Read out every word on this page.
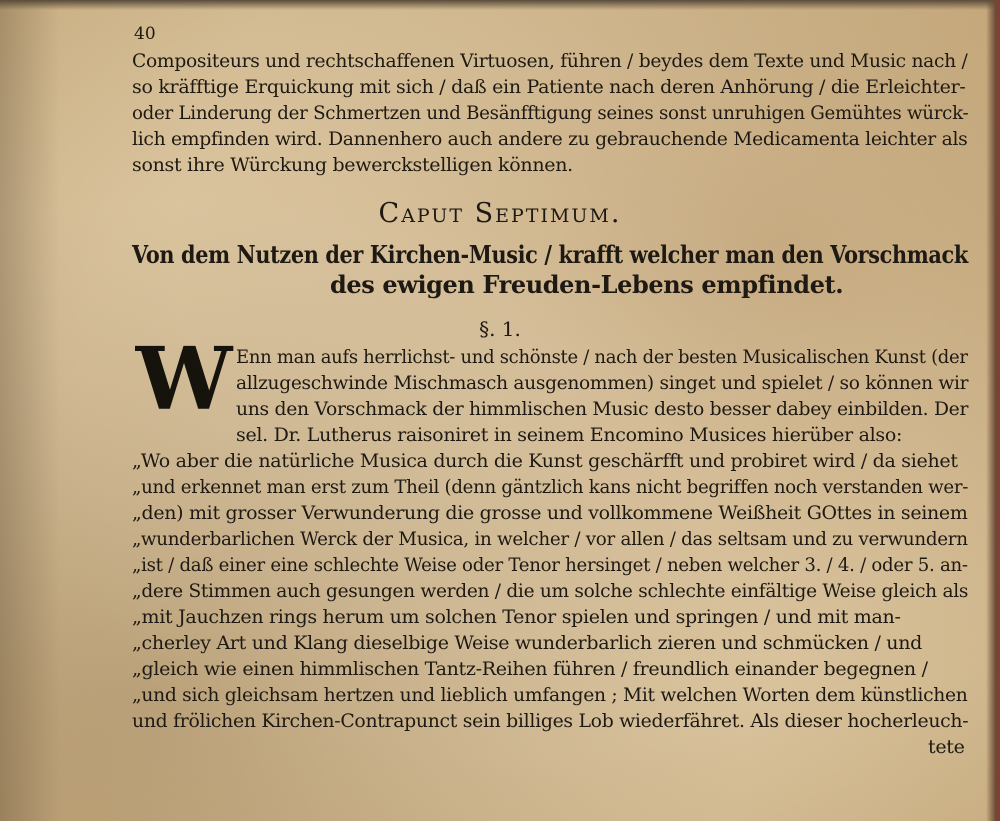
40
Compositeurs und rechtschaffenen Virtuosen, führen / beydes dem Texte und Music nach /
so kräfftige Erquickung mit sich / daß ein Patiente nach deren Anhörung / die Erleichter-
oder Linderung der Schmertzen und Besänfftigung seines sonst unruhigen Gemühtes würck-
lich empfinden wird. Dannenhero auch andere zu gebrauchende Medicamenta leichter als
sonst ihre Würckung bewerckstelligen können.
Caput Septimum.
Von dem Nutzen der Kirchen-Music / krafft welcher man den Vorschmack
des ewigen Freuden-Lebens empfindet.
§. 1.
W Enn man aufs herrlichst- und schönste / nach der besten Musicalischen Kunst (der
allzugeschwinde Mischmasch ausgenommen) singet und spielet / so können wir
uns den Vorschmack der himmlischen Music desto besser dabey einbilden. Der
sel. Dr. Lutherus raisoniret in seinem Encomino Musices hierüber also:
„Wo aber die natürliche Musica durch die Kunst geschärfft und probiret wird / da siehet
„und erkennet man erst zum Theil (denn gäntzlich kans nicht begriffen noch verstanden wer-
„den) mit grosser Verwunderung die grosse und vollkommene Weißheit GOttes in seinem
„wunderbarlichen Werck der Musica, in welcher / vor allen / das seltsam und zu verwundern
„ist / daß einer eine schlechte Weise oder Tenor hersinget / neben welcher 3. / 4. / oder 5. an-
„dere Stimmen auch gesungen werden / die um solche schlechte einfältige Weise gleich als
„mit Jauchzen rings herum um solchen Tenor spielen und springen / und mit man-
„cherley Art und Klang dieselbige Weise wunderbarlich zieren und schmücken / und
„gleich wie einen himmlischen Tantz-Reihen führen / freundlich einander begegnen /
„und sich gleichsam hertzen und lieblich umfangen ; Mit welchen Worten dem künstlichen
und frölichen Kirchen-Contrapunct sein billiges Lob wiederfähret. Als dieser hocherleuch-
tete
